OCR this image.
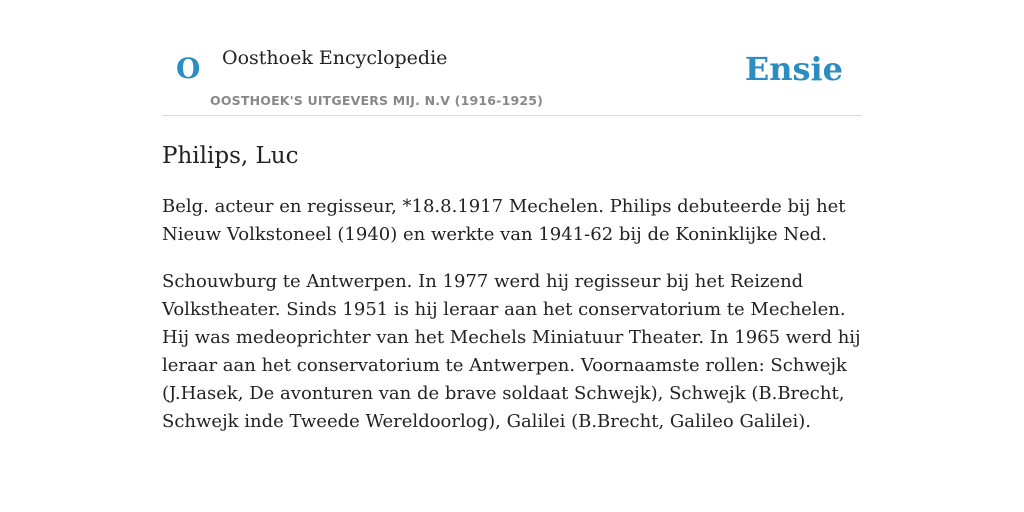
O Oosthoek Encyclopedie
OOSTHOEK'S UITGEVERS MIJ. N.V (1916-1925)
Ensie
Philips, Luc

Belg. acteur en regisseur, *18.8.1917 Mechelen. Philips debuteerde bij het Nieuw Volkstoneel (1940) en werkte van 1941-62 bij de Koninklijke Ned.

Schouwburg te Antwerpen. In 1977 werd hij regisseur bij het Reizend Volkstheater. Sinds 1951 is hij leraar aan het conservatorium te Mechelen. Hij was medeoprichter van het Mechels Miniatuur Theater. In 1965 werd hij leraar aan het conservatorium te Antwerpen. Voornaamste rollen: Schwejk (J.Hasek, De avonturen van de brave soldaat Schwejk), Schwejk (B.Brecht, Schwejk inde Tweede Wereldoorlog), Galilei (B.Brecht, Galileo Galilei).
